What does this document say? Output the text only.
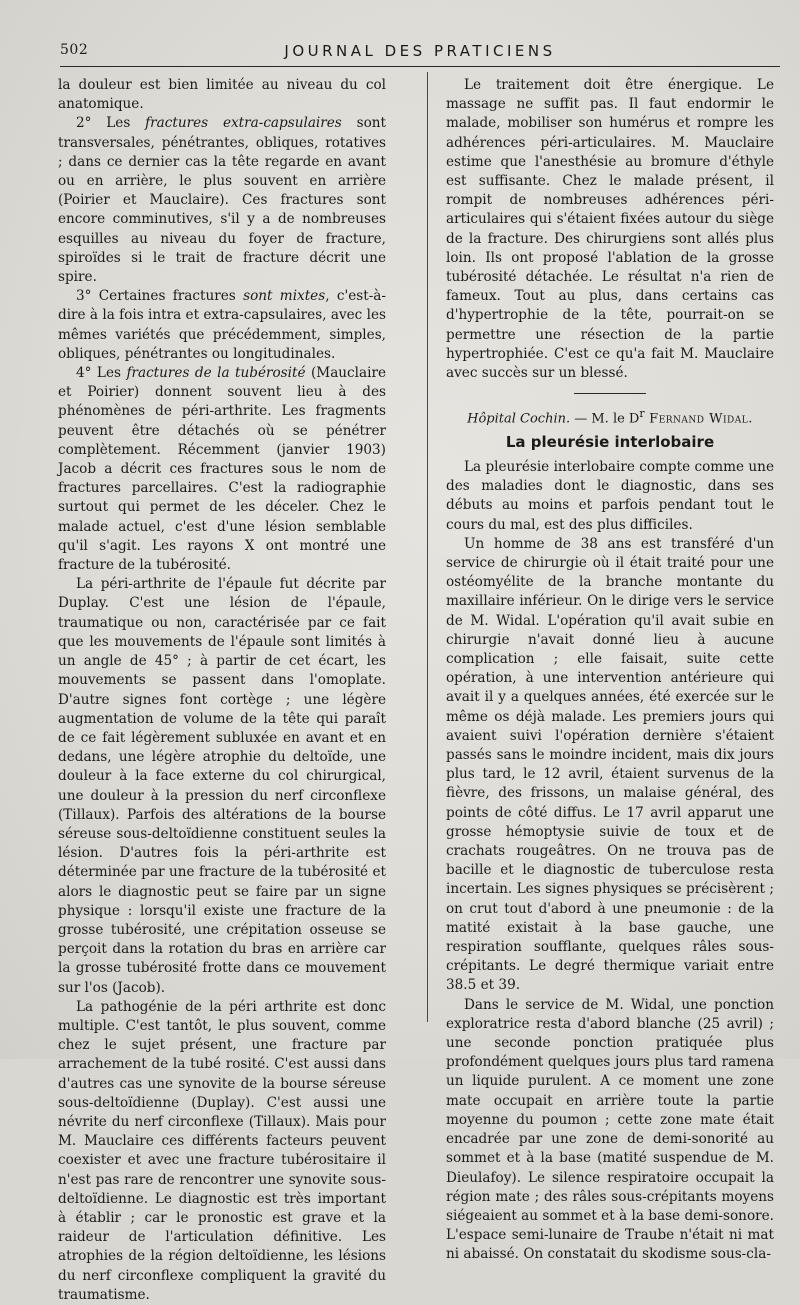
502	JOURNAL DES PRATICIENS

la douleur est bien limitée au niveau du col anatomique.

2° Les fractures extra-capsulaires sont transversales, pénétrantes, obliques, rotatives ; dans ce dernier cas la tête regarde en avant ou en arrière, le plus souvent en arrière (Poirier et Mauclaire). Ces fractures sont encore comminutives, s'il y a de nombreuses esquilles au niveau du foyer de fracture, spiroïdes si le trait de fracture décrit une spire.

3° Certaines fractures sont mixtes, c'est-à-dire à la fois intra et extra-capsulaires, avec les mêmes variétés que précédemment, simples, obliques, pénétrantes ou longitudinales.

4° Les fractures de la tubérosité (Mauclaire et Poirier) donnent souvent lieu à des phénomènes de péri-arthrite. Les fragments peuvent être détachés où se pénétrer complètement. Récemment (janvier 1903) Jacob a décrit ces fractures sous le nom de fractures parcellaires. C'est la radiographie surtout qui permet de les déceler. Chez le malade actuel, c'est d'une lésion semblable qu'il s'agit. Les rayons X ont montré une fracture de la tubérosité.

La péri-arthrite de l'épaule fut décrite par Duplay. C'est une lésion de l'épaule, traumatique ou non, caractérisée par ce fait que les mouvements de l'épaule sont limités à un angle de 45° ; à partir de cet écart, les mouvements se passent dans l'omoplate. D'autre signes font cortège ; une légère augmentation de volume de la tête qui paraît de ce fait légèrement subluxée en avant et en dedans, une légère atrophie du deltoïde, une douleur à la face externe du col chirurgical, une douleur à la pression du nerf circonflexe (Tillaux). Parfois des altérations de la bourse séreuse sous-deltoïdienne constituent seules la lésion. D'autres fois la péri-arthrite est déterminée par une fracture de la tubérosité et alors le diagnostic peut se faire par un signe physique : lorsqu'il existe une fracture de la grosse tubérosité, une crépitation osseuse se perçoit dans la rotation du bras en arrière car la grosse tubérosité frotte dans ce mouvement sur l'os (Jacob).

La pathogénie de la péri arthrite est donc multiple. C'est tantôt, le plus souvent, comme chez le sujet présent, une fracture par arrachement de la tubé rosité. C'est aussi dans d'autres cas une synovite de la bourse séreuse sous-deltoïdienne (Duplay). C'est aussi une névrite du nerf circonflexe (Tillaux). Mais pour M. Mauclaire ces différents facteurs peuvent coexister et avec une fracture tubérositaire il n'est pas rare de rencontrer une synovite sous-deltoïdienne. Le diagnostic est très important à établir ; car le pronostic est grave et la raideur de l'articulation définitive. Les atrophies de la région deltoïdienne, les lésions du nerf circonflexe compliquent la gravité du traumatisme.

Le traitement doit être énergique. Le massage ne suffit pas. Il faut endormir le malade, mobiliser son humérus et rompre les adhérences péri-articulaires. M. Mauclaire estime que l'anesthésie au bromure d'éthyle est suffisante. Chez le malade présent, il rompit de nombreuses adhérences péri-articulaires qui s'étaient fixées autour du siège de la fracture. Des chirurgiens sont allés plus loin. Ils ont proposé l'ablation de la grosse tubérosité détachée. Le résultat n'a rien de fameux. Tout au plus, dans certains cas d'hypertrophie de la tête, pourrait-on se permettre une résection de la partie hypertrophiée. C'est ce qu'a fait M. Mauclaire avec succès sur un blessé.

Hôpital Cochin. — M. le $D^r$ Fernand Widal.
La pleurésie interlobaire

La pleurésie interlobaire compte comme une des maladies dont le diagnostic, dans ses débuts au moins et parfois pendant tout le cours du mal, est des plus difficiles.

Un homme de 38 ans est transféré d'un service de chirurgie où il était traité pour une ostéomyélite de la branche montante du maxillaire inférieur. On le dirige vers le service de M. Widal. L'opération qu'il avait subie en chirurgie n'avait donné lieu à aucune complication ; elle faisait, suite cette opération, à une intervention antérieure qui avait il y a quelques années, été exercée sur le même os déjà malade. Les premiers jours qui avaient suivi l'opération dernière s'étaient passés sans le moindre incident, mais dix jours plus tard, le 12 avril, étaient survenus de la fièvre, des frissons, un malaise général, des points de côté diffus. Le 17 avril apparut une grosse hémoptysie suivie de toux et de crachats rougeâtres. On ne trouva pas de bacille et le diagnostic de tuberculose resta incertain. Les signes physiques se précisèrent ; on crut tout d'abord à une pneumonie : de la matité existait à la base gauche, une respiration soufflante, quelques râles sous-crépitants. Le degré thermique variait entre 38.5 et 39.

Dans le service de M. Widal, une ponction exploratrice resta d'abord blanche (25 avril) ; une seconde ponction pratiquée plus profondément quelques jours plus tard ramena un liquide purulent. A ce moment une zone mate occupait en arrière toute la partie moyenne du poumon ; cette zone mate était encadrée par une zone de demi-sonorité au sommet et à la base (matité suspendue de M. Dieulafoy). Le silence respiratoire occupait la région mate ; des râles sous-crépitants moyens siégeaient au sommet et à la base demi-sonore. L'espace semi-lunaire de Traube n'était ni mat ni abaissé. On constatait du skodisme sous-cla-
